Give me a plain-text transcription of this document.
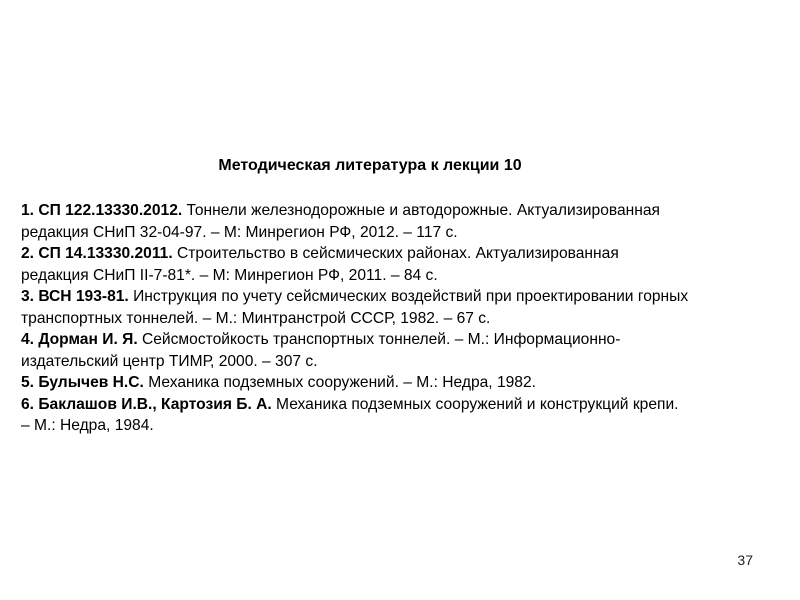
Методическая литература к лекции 10
1. СП 122.13330.2012. Тоннели железнодорожные и автодорожные. Актуализированная
редакция СНиП 32-04-97. – М: Минрегион РФ, 2012. – 117 с.
2. СП 14.13330.2011. Строительство в сейсмических районах. Актуализированная
редакция СНиП II-7-81*. – М: Минрегион РФ, 2011. – 84 с.
3. ВСН 193-81. Инструкция по учету сейсмических воздействий при проектировании горных
транспортных тоннелей. – М.: Минтранстрой СССР, 1982. – 67 с.
4. Дорман И. Я. Сейсмостойкость транспортных тоннелей. – М.: Информационно-
издательский центр ТИМР, 2000. – 307 с.
5. Булычев Н.С. Механика подземных сооружений. – М.: Недра, 1982.
6. Баклашов И.В., Картозия Б. А. Механика подземных сооружений и конструкций крепи.
– М.: Недра, 1984.
37
